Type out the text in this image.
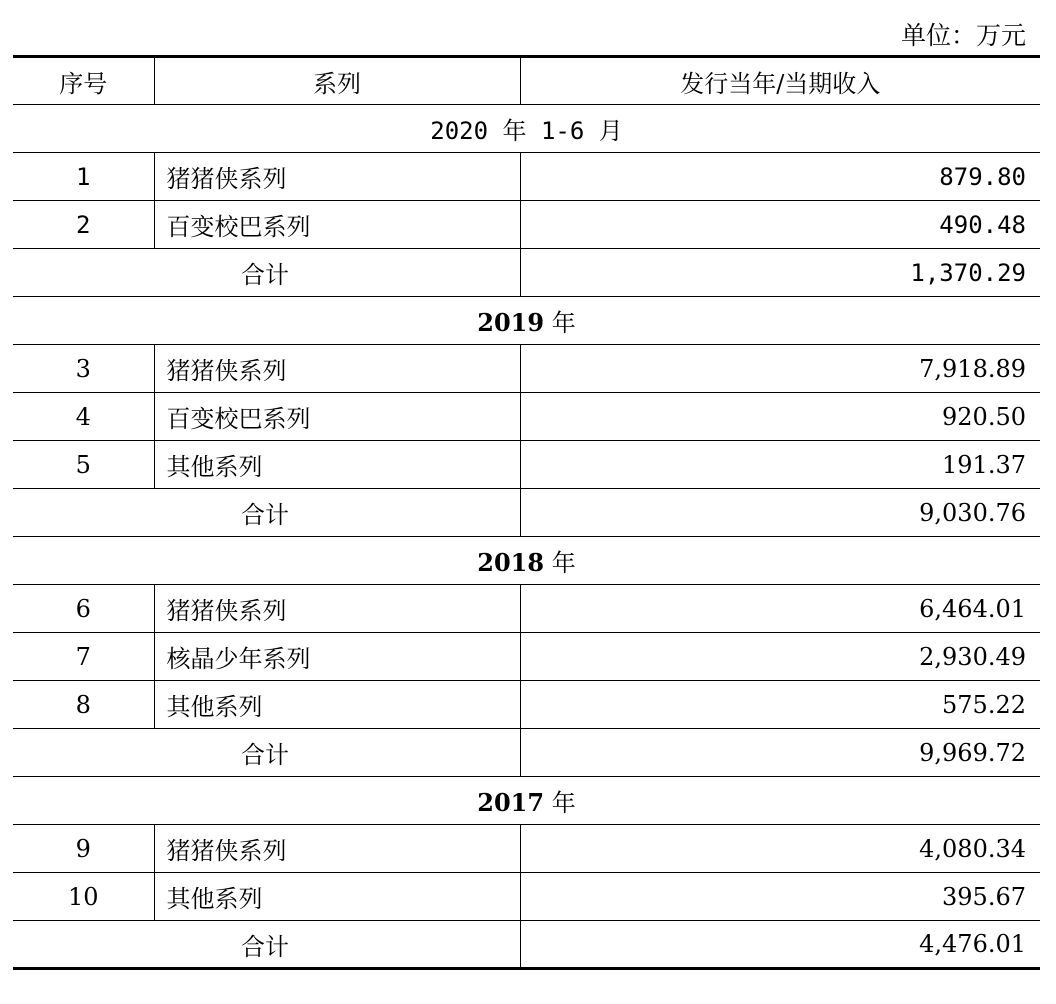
单位：万元
序号	系列	发行当年/当期收入
2020 年 1-6 月		
1	猪猪侠系列	879.80
2	百变校巴系列	490.48
合计		1,370.29
2019 年		
3	猪猪侠系列	7,918.89
4	百变校巴系列	920.50
5	其他系列	191.37
合计		9,030.76
2018 年		
6	猪猪侠系列	6,464.01
7	核晶少年系列	2,930.49
8	其他系列	575.22
合计		9,969.72
2017 年		
9	猪猪侠系列	4,080.34
10	其他系列	395.67
合计		4,476.01
